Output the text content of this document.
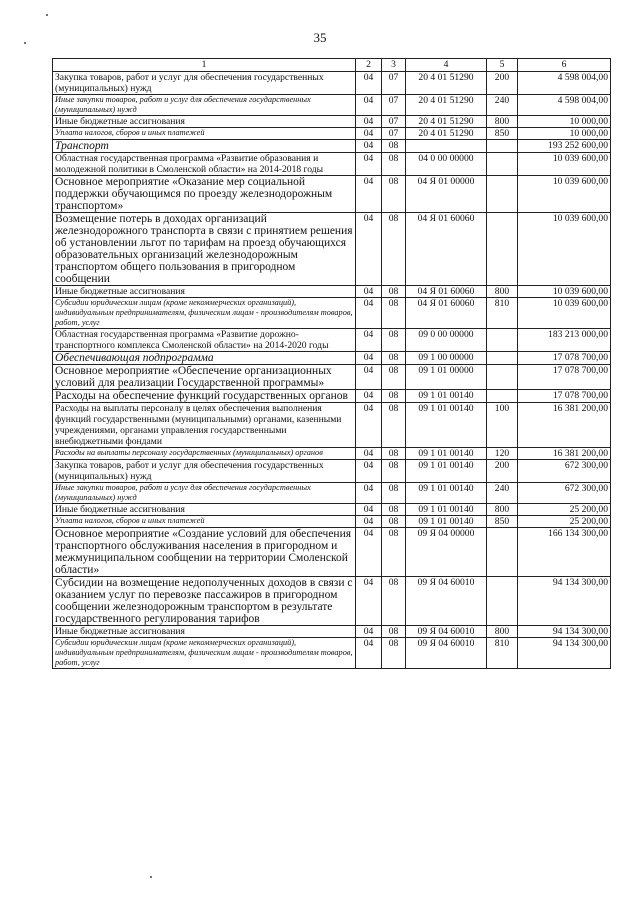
35
1	2	3	4	5	6
Закупка товаров, работ и услуг для обеспечения государственных (муниципальных) нужд	04	07	20 4 01 51290	200	4 598 004,00
Иные закупки товаров, работ и услуг для обеспечения государственных (муниципальных) нужд	04	07	20 4 01 51290	240	4 598 004,00
Иные бюджетные ассигнования	04	07	20 4 01 51290	800	10 000,00
Уплата налогов, сборов и иных платежей	04	07	20 4 01 51290	850	10 000,00
Транспорт	04	08			193 252 600,00
Областная государственная программа «Развитие образования и молодежной политики в Смоленской области» на 2014-2018 годы	04	08	04 0 00 00000		10 039 600,00
Основное мероприятие «Оказание мер социальной поддержки обучающимся по проезду железнодорожным транспортом»	04	08	04 Я 01 00000		10 039 600,00
Возмещение потерь в доходах организаций железнодорожного транспорта в связи с принятием решения об установлении льгот по тарифам на проезд обучающихся образовательных организаций железнодорожным транспортом общего пользования в пригородном сообщении	04	08	04 Я 01 60060		10 039 600,00
Иные бюджетные ассигнования	04	08	04 Я 01 60060	800	10 039 600,00
Субсидии юридическим лицам (кроме некоммерческих организаций), индивидуальным предпринимателям, физическим лицам - производителям товаров, работ, услуг	04	08	04 Я 01 60060	810	10 039 600,00
Областная государственная программа «Развитие дорожно-транспортного комплекса Смоленской области» на 2014-2020 годы	04	08	09 0 00 00000		183 213 000,00
Обеспечивающая подпрограмма	04	08	09 1 00 00000		17 078 700,00
Основное мероприятие «Обеспечение организационных условий для реализации Государственной программы»	04	08	09 1 01 00000		17 078 700,00
Расходы на обеспечение функций государственных органов	04	08	09 1 01 00140		17 078 700,00
Расходы на выплаты персоналу в целях обеспечения выполнения функций государственными (муниципальными) органами, казенными учреждениями, органами управления государственными внебюджетными фондами	04	08	09 1 01 00140	100	16 381 200,00
Расходы на выплаты персоналу государственных (муниципальных) органов	04	08	09 1 01 00140	120	16 381 200,00
Закупка товаров, работ и услуг для обеспечения государственных (муниципальных) нужд	04	08	09 1 01 00140	200	672 300,00
Иные закупки товаров, работ и услуг для обеспечения государственных (муниципальных) нужд	04	08	09 1 01 00140	240	672 300,00
Иные бюджетные ассигнования	04	08	09 1 01 00140	800	25 200,00
Уплата налогов, сборов и иных платежей	04	08	09 1 01 00140	850	25 200,00
Основное мероприятие «Создание условий для обеспечения транспортного обслуживания населения в пригородном и межмуниципальном сообщении на территории Смоленской области»	04	08	09 Я 04 00000		166 134 300,00
Субсидии на возмещение недополученных доходов в связи с оказанием услуг по перевозке пассажиров в пригородном сообщении железнодорожным транспортом в результате государственного регулирования тарифов	04	08	09 Я 04 60010		94 134 300,00
Иные бюджетные ассигнования	04	08	09 Я 04 60010	800	94 134 300,00
Субсидии юридическим лицам (кроме некоммерческих организаций), индивидуальным предпринимателям, физическим лицам - производителям товаров, работ, услуг	04	08	09 Я 04 60010	810	94 134 300,00
